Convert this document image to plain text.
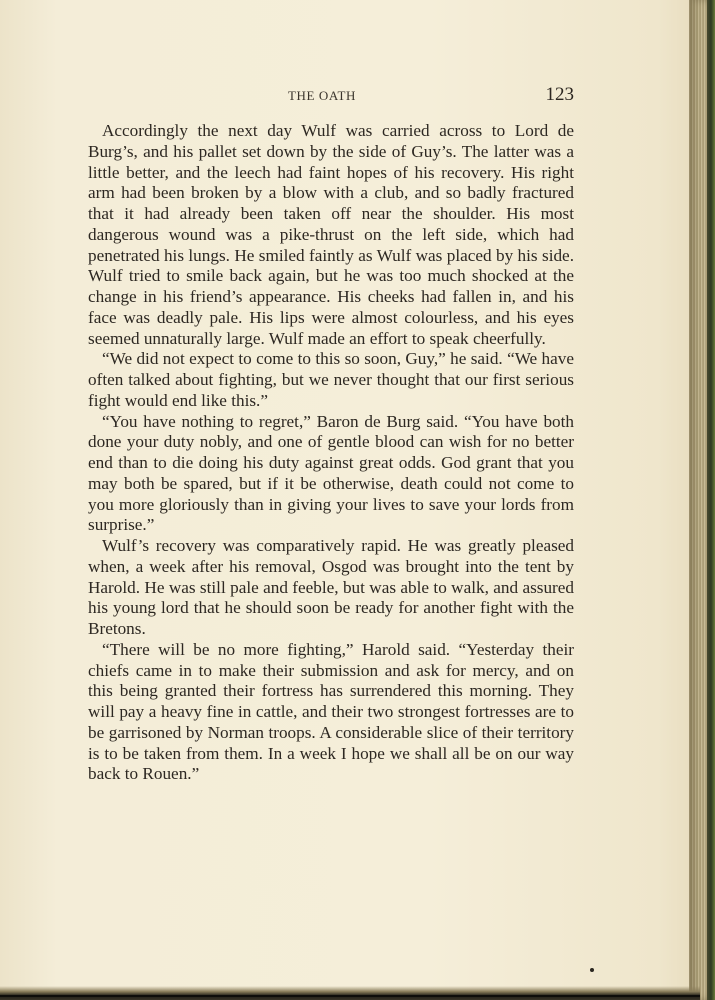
THE OATH	123

Accordingly the next day Wulf was carried across to Lord de Burg’s, and his pallet set down by the side of Guy’s. The latter was a little better, and the leech had faint hopes of his recovery. His right arm had been broken by a blow with a club, and so badly fractured that it had already been taken off near the shoulder. His most dangerous wound was a pike-thrust on the left side, which had penetrated his lungs. He smiled faintly as Wulf was placed by his side. Wulf tried to smile back again, but he was too much shocked at the change in his friend’s appearance. His cheeks had fallen in, and his face was deadly pale. His lips were almost colourless, and his eyes seemed unnaturally large. Wulf made an effort to speak cheerfully.

“We did not expect to come to this so soon, Guy,” he said. “We have often talked about fighting, but we never thought that our first serious fight would end like this.”

“You have nothing to regret,” Baron de Burg said. “You have both done your duty nobly, and one of gentle blood can wish for no better end than to die doing his duty against great odds. God grant that you may both be spared, but if it be otherwise, death could not come to you more gloriously than in giving your lives to save your lords from surprise.”

Wulf’s recovery was comparatively rapid. He was greatly pleased when, a week after his removal, Osgod was brought into the tent by Harold. He was still pale and feeble, but was able to walk, and assured his young lord that he should soon be ready for another fight with the Bretons.

“There will be no more fighting,” Harold said. “Yesterday their chiefs came in to make their submission and ask for mercy, and on this being granted their fortress has surrendered this morning. They will pay a heavy fine in cattle, and their two strongest fortresses are to be garrisoned by Norman troops. A considerable slice of their territory is to be taken from them. In a week I hope we shall all be on our way back to Rouen.”
